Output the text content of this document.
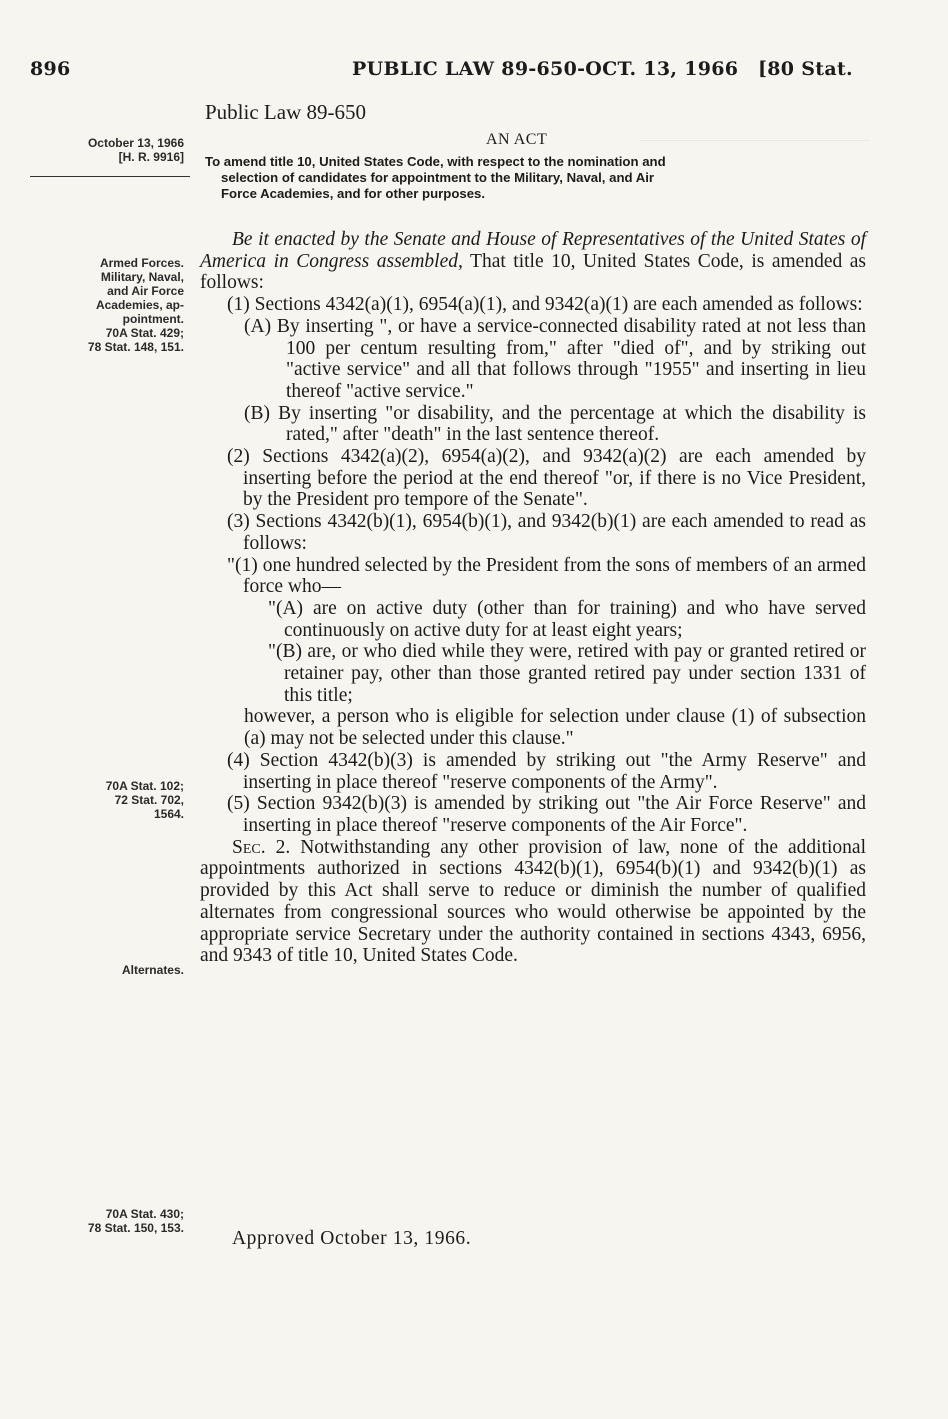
896	PUBLIC LAW 89-650-OCT. 13, 1966 [80 Stat.
Public Law 89-650
October 13, 1966
[H. R. 9916]
Armed Forces.
Military, Naval,
and Air Force
Academies, ap-
pointment.
70A Stat. 429;
78 Stat. 148, 151.
70A Stat. 102;
72 Stat. 702,
1564.
Alternates.
70A Stat. 430;
78 Stat. 150, 153.
AN ACT
To amend title 10, United States Code, with respect to the nomination and
selection of candidates for appointment to the Military, Naval, and Air
Force Academies, and for other purposes.

Be it enacted by the Senate and House of Representatives of the United States of America in Congress assembled, That title 10, United States Code, is amended as follows:

(1) Sections 4342(a)(1), 6954(a)(1), and 9342(a)(1) are each amended as follows:

(A) By inserting ", or have a service-connected disability rated at not less than 100 per centum resulting from," after "died of", and by striking out "active service" and all that follows through "1955" and inserting in lieu thereof "active service."

(B) By inserting "or disability, and the percentage at which the disability is rated," after "death" in the last sentence thereof.

(2) Sections 4342(a)(2), 6954(a)(2), and 9342(a)(2) are each amended by inserting before the period at the end thereof "or, if there is no Vice President, by the President pro tempore of the Senate".

(3) Sections 4342(b)(1), 6954(b)(1), and 9342(b)(1) are each amended to read as follows:

"(1) one hundred selected by the President from the sons of members of an armed force who—

"(A) are on active duty (other than for training) and who have served continuously on active duty for at least eight years;

"(B) are, or who died while they were, retired with pay or granted retired or retainer pay, other than those granted retired pay under section 1331 of this title;

however, a person who is eligible for selection under clause (1) of subsection (a) may not be selected under this clause."

(4) Section 4342(b)(3) is amended by striking out "the Army Reserve" and inserting in place thereof "reserve components of the Army".

(5) Section 9342(b)(3) is amended by striking out "the Air Force Reserve" and inserting in place thereof "reserve components of the Air Force".

Sec. 2. Notwithstanding any other provision of law, none of the additional appointments authorized in sections 4342(b)(1), 6954(b)(1) and 9342(b)(1) as provided by this Act shall serve to reduce or diminish the number of qualified alternates from congressional sources who would otherwise be appointed by the appropriate service Secretary under the authority contained in sections 4343, 6956, and 9343 of title 10, United States Code.

Approved October 13, 1966.
